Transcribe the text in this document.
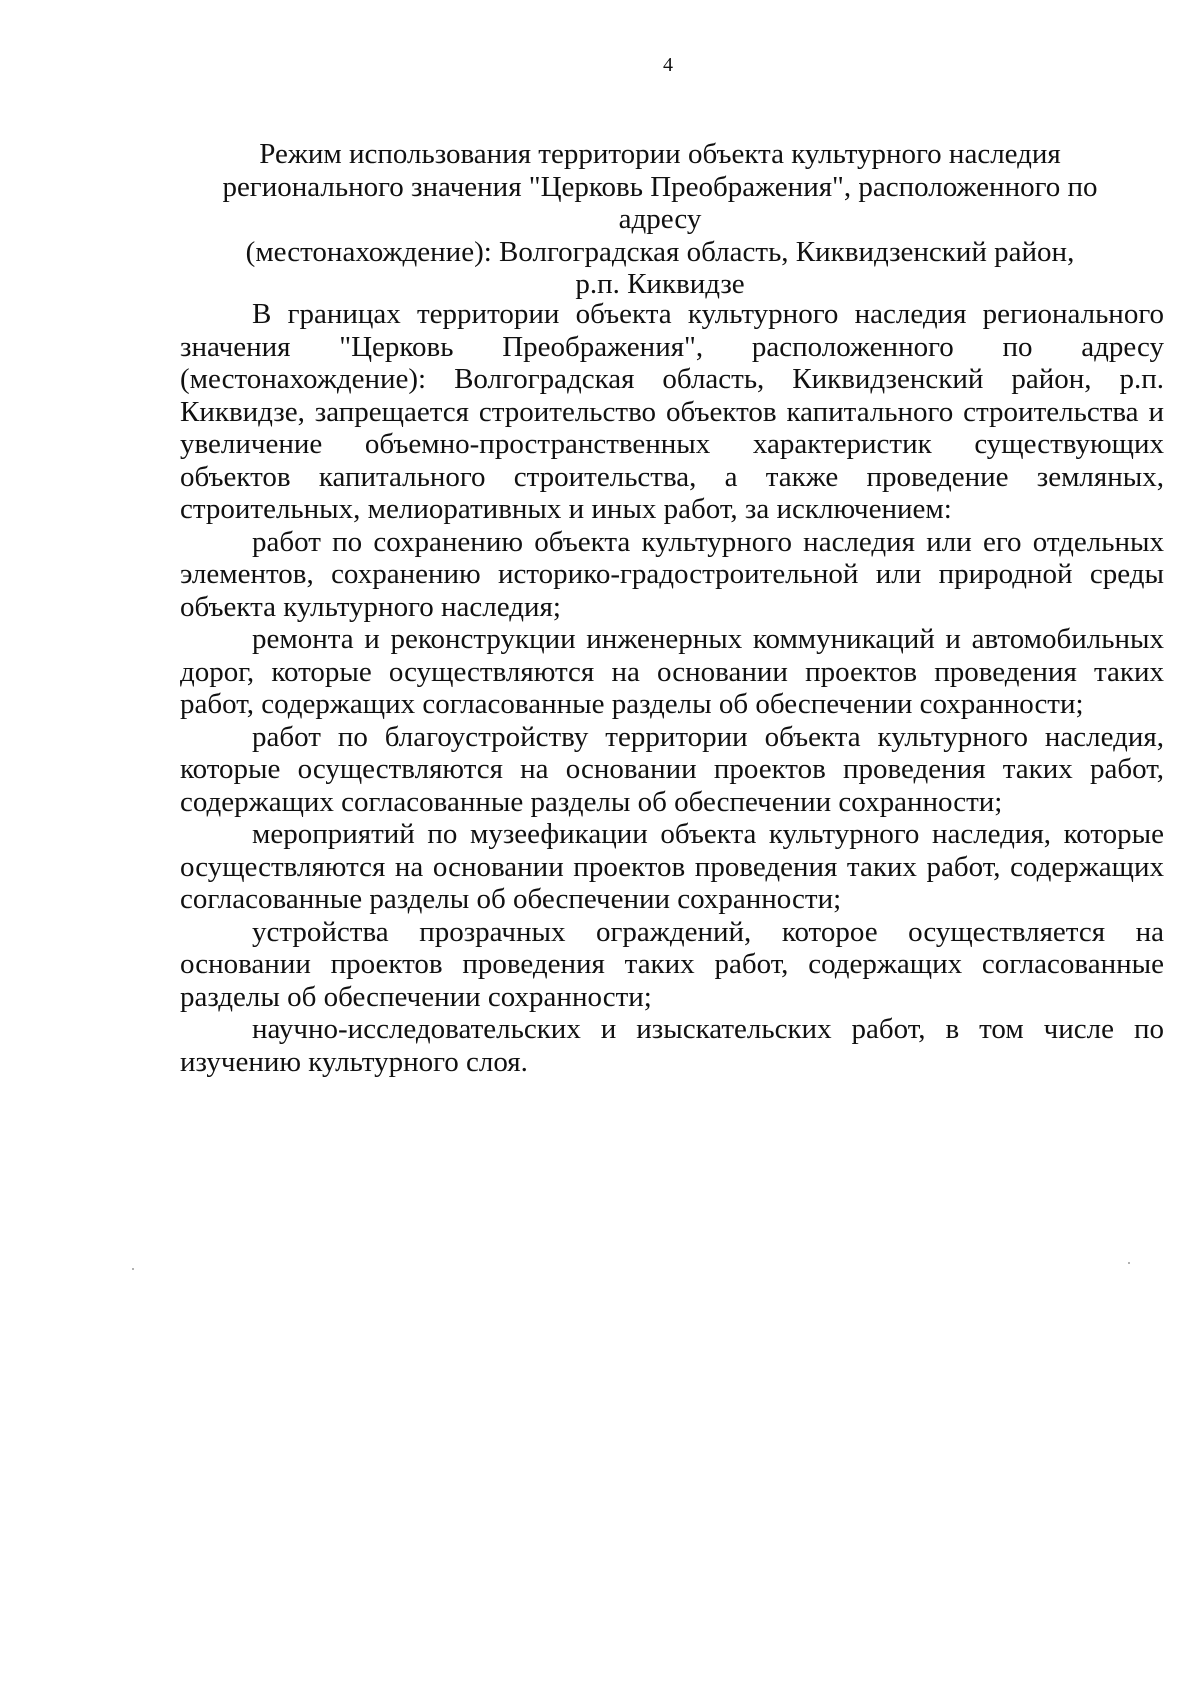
4
Режим использования территории объекта культурного наследия
регионального значения "Церковь Преображения", расположенного по адресу
(местонахождение): Волгоградская область, Киквидзенский район,
р.п. Киквидзе

В границах территории объекта культурного наследия регионального значения "Церковь Преображения", расположенного по адресу (местонахождение): Волгоградская область, Киквидзенский район, р.п. Киквидзе, запрещается строительство объектов капитального строительства и увеличение объемно-пространственных характеристик существующих объектов капитального строительства, а также проведение земляных, строительных, мелиоративных и иных работ, за исключением:

работ по сохранению объекта культурного наследия или его отдельных элементов, сохранению историко-градостроительной или природной среды объекта культурного наследия;

ремонта и реконструкции инженерных коммуникаций и автомобильных дорог, которые осуществляются на основании проектов проведения таких работ, содержащих согласованные разделы об обеспечении сохранности;

работ по благоустройству территории объекта культурного наследия, которые осуществляются на основании проектов проведения таких работ, содержащих согласованные разделы об обеспечении сохранности;

мероприятий по музеефикации объекта культурного наследия, которые осуществляются на основании проектов проведения таких работ, содержащих согласованные разделы об обеспечении сохранности;

устройства прозрачных ограждений, которое осуществляется на основании проектов проведения таких работ, содержащих согласованные разделы об обеспечении сохранности;

научно-исследовательских и изыскательских работ, в том числе по изучению культурного слоя.
